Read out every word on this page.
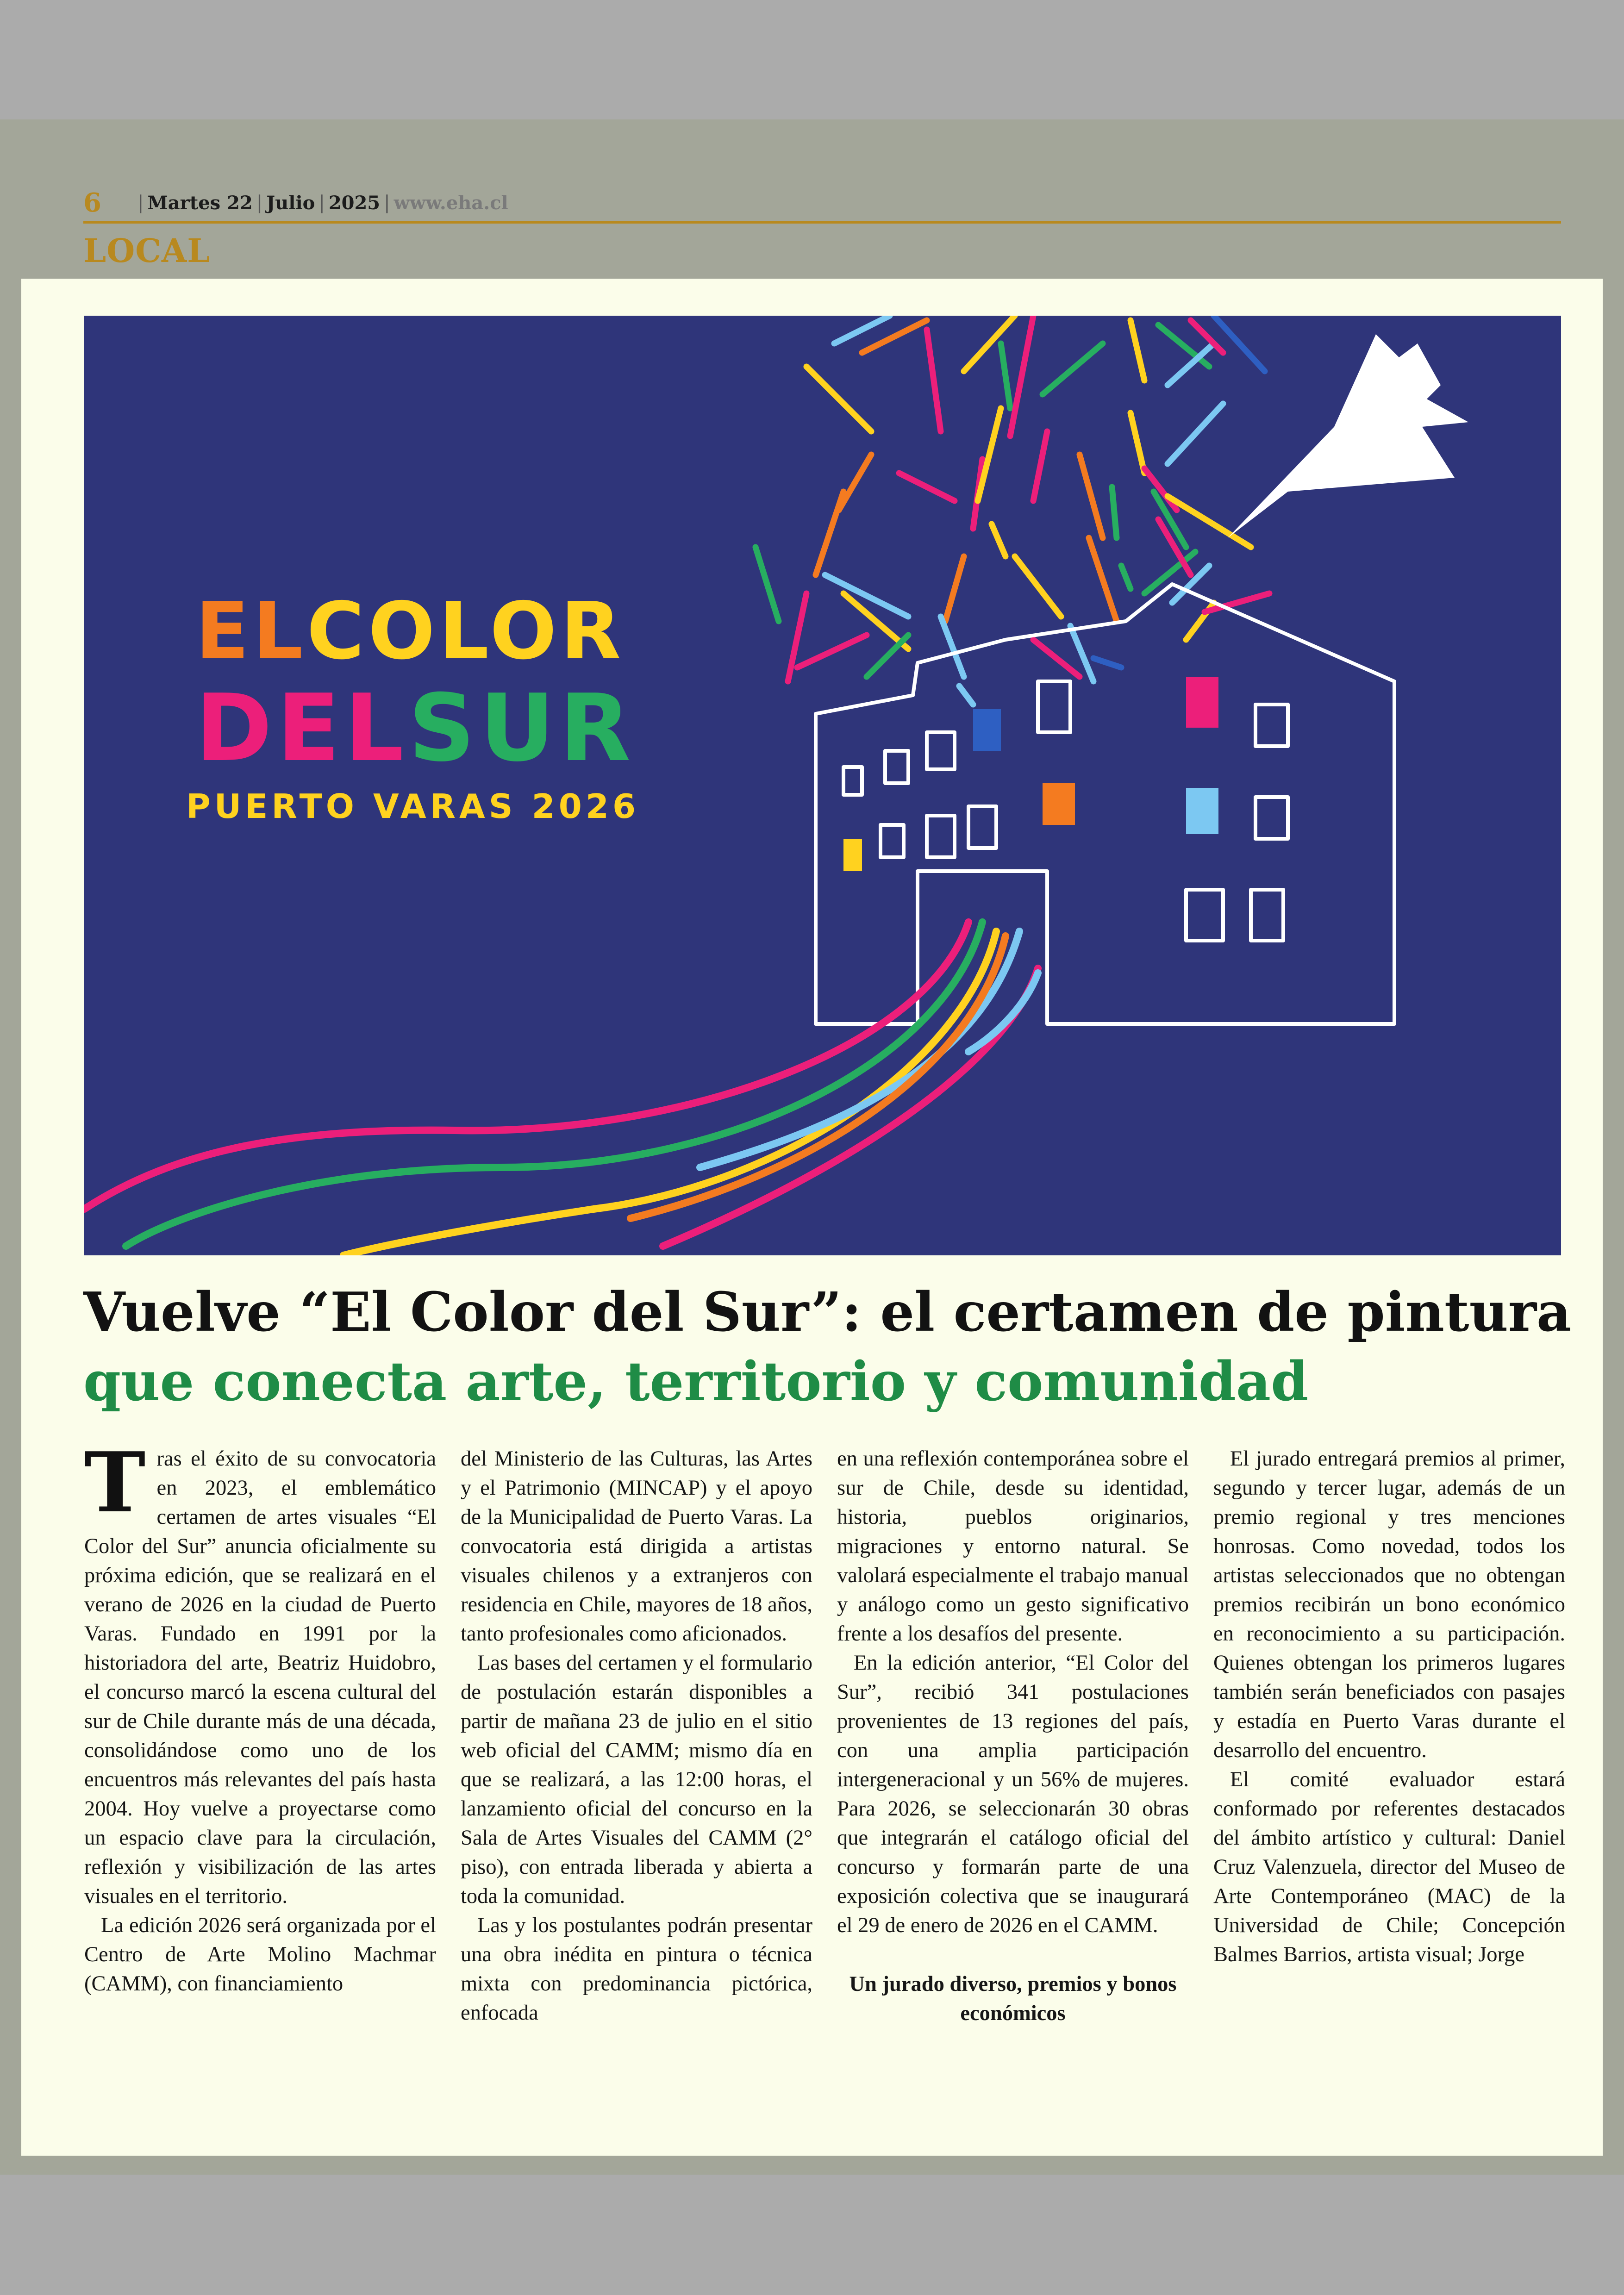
6 | Martes 22 | Julio | 2025 | www.eha.cl
LOCAL
ELCOLOR
DELSUR
PUERTO VARAS 2026
Vuelve “El Color del Sur”: el certamen de pintura
que conecta arte, territorio y comunidad

Tras el éxito de su convocatoria en 2023, el emblemático certamen de artes visuales “El Color del Sur” anuncia oficialmente su próxima edición, que se realizará en el verano de 2026 en la ciudad de Puerto Varas. Fundado en 1991 por la historiadora del arte, Beatriz Huidobro, el concurso marcó la escena cultural del sur de Chile durante más de una década, consolidándose como uno de los encuentros más relevantes del país hasta 2004. Hoy vuelve a proyectarse como un espacio clave para la circulación, reflexión y visibilización de las artes visuales en el territorio.

La edición 2026 será organizada por el Centro de Arte Molino Machmar (CAMM), con financiamiento

del Ministerio de las Culturas, las Artes y el Patrimonio (MINCAP) y el apoyo de la Municipalidad de Puerto Varas. La convocatoria está dirigida a artistas visuales chilenos y a extranjeros con residencia en Chile, mayores de 18 años, tanto profesionales como aficionados.

Las bases del certamen y el formulario de postulación estarán disponibles a partir de mañana 23 de julio en el sitio web oficial del CAMM; mismo día en que se realizará, a las 12:00 horas, el lanzamiento oficial del concurso en la Sala de Artes Visuales del CAMM (2° piso), con entrada liberada y abierta a toda la comunidad.

Las y los postulantes podrán presentar una obra inédita en pintura o técnica mixta con predominancia pictórica, enfocada

en una reflexión contemporánea sobre el sur de Chile, desde su identidad, historia, pueblos originarios, migraciones y entorno natural. Se valolará especialmente el trabajo manual y análogo como un gesto significativo frente a los desafíos del presente.

En la edición anterior, “El Color del Sur”, recibió 341 postulaciones provenientes de 13 regiones del país, con una amplia participación intergeneracional y un 56% de mujeres. Para 2026, se seleccionarán 30 obras que integrarán el catálogo oficial del concurso y formarán parte de una exposición colectiva que se inaugurará el 29 de enero de 2026 en el CAMM.

Un jurado diverso, premios y bonos económicos

El jurado entregará premios al primer, segundo y tercer lugar, además de un premio regional y tres menciones honrosas. Como novedad, todos los artistas seleccionados que no obtengan premios recibirán un bono económico en reconocimiento a su participación. Quienes obtengan los primeros lugares también serán beneficiados con pasajes y estadía en Puerto Varas durante el desarrollo del encuentro.

El comité evaluador estará conformado por referentes destacados del ámbito artístico y cultural: Daniel Cruz Valenzuela, director del Museo de Arte Contemporáneo (MAC) de la Universidad de Chile; Concepción Balmes Barrios, artista visual; Jorge
